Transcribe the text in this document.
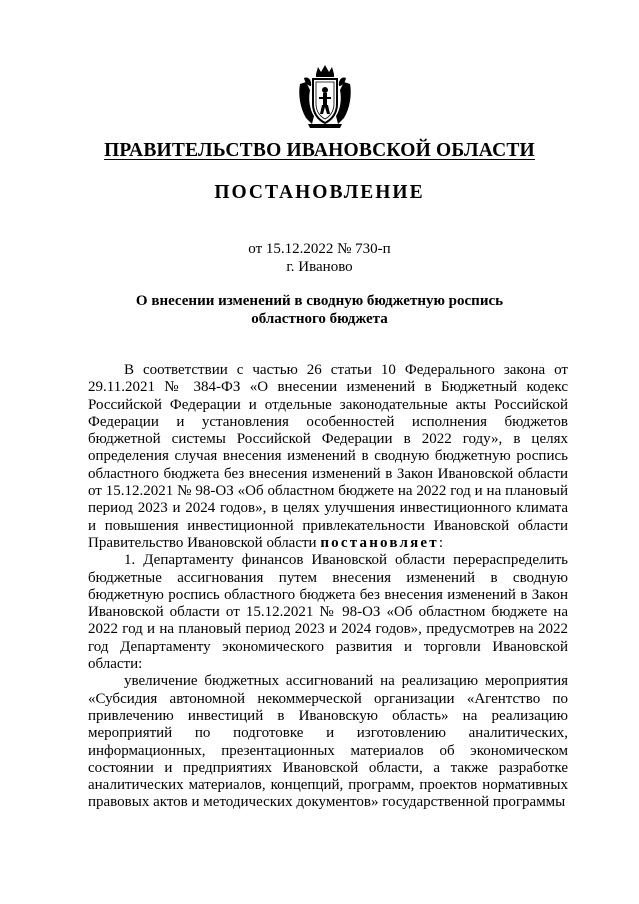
ПРАВИТЕЛЬСТВО ИВАНОВСКОЙ ОБЛАСТИ
ПОСТАНОВЛЕНИЕ
от 15.12.2022 № 730-п
г. Иваново
О внесении изменений в сводную бюджетную роспись
областного бюджета

В соответствии с частью 26 статьи 10 Федерального закона от 29.11.2021 № 384-ФЗ «О внесении изменений в Бюджетный кодекс Российской Федерации и отдельные законодательные акты Российской Федерации и установления особенностей исполнения бюджетов бюджетной системы Российской Федерации в 2022 году», в целях определения случая внесения изменений в сводную бюджетную роспись областного бюджета без внесения изменений в Закон Ивановской области от 15.12.2021 № 98-ОЗ «Об областном бюджете на 2022 год и на плановый период 2023 и 2024 годов», в целях улучшения инвестиционного климата и повышения инвестиционной привлекательности Ивановской области Правительство Ивановской области постановляет:

1. Департаменту финансов Ивановской области перераспределить бюджетные ассигнования путем внесения изменений в сводную бюджетную роспись областного бюджета без внесения изменений в Закон Ивановской области от 15.12.2021 № 98-ОЗ «Об областном бюджете на 2022 год и на плановый период 2023 и 2024 годов», предусмотрев на 2022 год Департаменту экономического развития и торговли Ивановской области:

увеличение бюджетных ассигнований на реализацию мероприятия «Субсидия автономной некоммерческой организации «Агентство по привлечению инвестиций в Ивановскую область» на реализацию мероприятий по подготовке и изготовлению аналитических, информационных, презентационных материалов об экономическом состоянии и предприятиях Ивановской области, а также разработке аналитических материалов, концепций, программ, проектов нормативных правовых актов и методических документов» государственной программы
